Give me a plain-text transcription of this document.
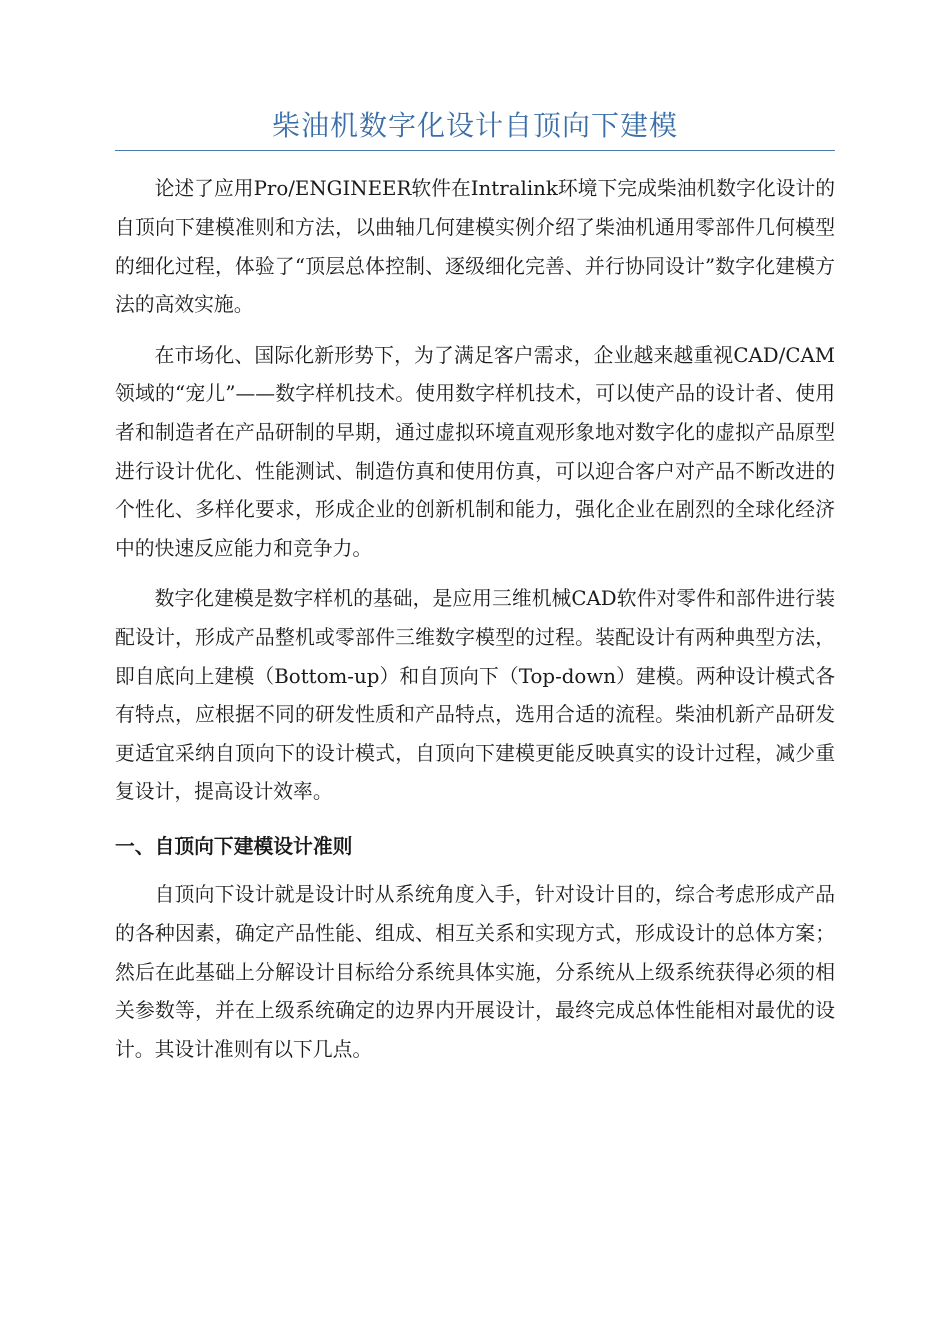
柴油机数字化设计自顶向下建模

论述了应用Pro/ENGINEER软件在Intralink环境下完成柴油机数字化设计的自顶向下建模准则和方法，以曲轴几何建模实例介绍了柴油机通用零部件几何模型的细化过程，体验了“顶层总体控制、逐级细化完善、并行协同设计”数字化建模方法的高效实施。

在市场化、国际化新形势下，为了满足客户需求，企业越来越重视CAD/CAM领域的“宠儿”——数字样机技术。使用数字样机技术，可以使产品的设计者、使用者和制造者在产品研制的早期，通过虚拟环境直观形象地对数字化的虚拟产品原型进行设计优化、性能测试、制造仿真和使用仿真，可以迎合客户对产品不断改进的个性化、多样化要求，形成企业的创新机制和能力，强化企业在剧烈的全球化经济中的快速反应能力和竞争力。

数字化建模是数字样机的基础，是应用三维机械CAD软件对零件和部件进行装配设计，形成产品整机或零部件三维数字模型的过程。装配设计有两种典型方法，即自底向上建模（Bottom-up）和自顶向下（Top-down）建模。两种设计模式各有特点，应根据不同的研发性质和产品特点，选用合适的流程。柴油机新产品研发更适宜采纳自顶向下的设计模式，自顶向下建模更能反映真实的设计过程，减少重复设计，提高设计效率。

一、自顶向下建模设计准则

自顶向下设计就是设计时从系统角度入手，针对设计目的，综合考虑形成产品的各种因素，确定产品性能、组成、相互关系和实现方式，形成设计的总体方案；然后在此基础上分解设计目标给分系统具体实施，分系统从上级系统获得必须的相关参数等，并在上级系统确定的边界内开展设计，最终完成总体性能相对最优的设计。其设计准则有以下几点。
